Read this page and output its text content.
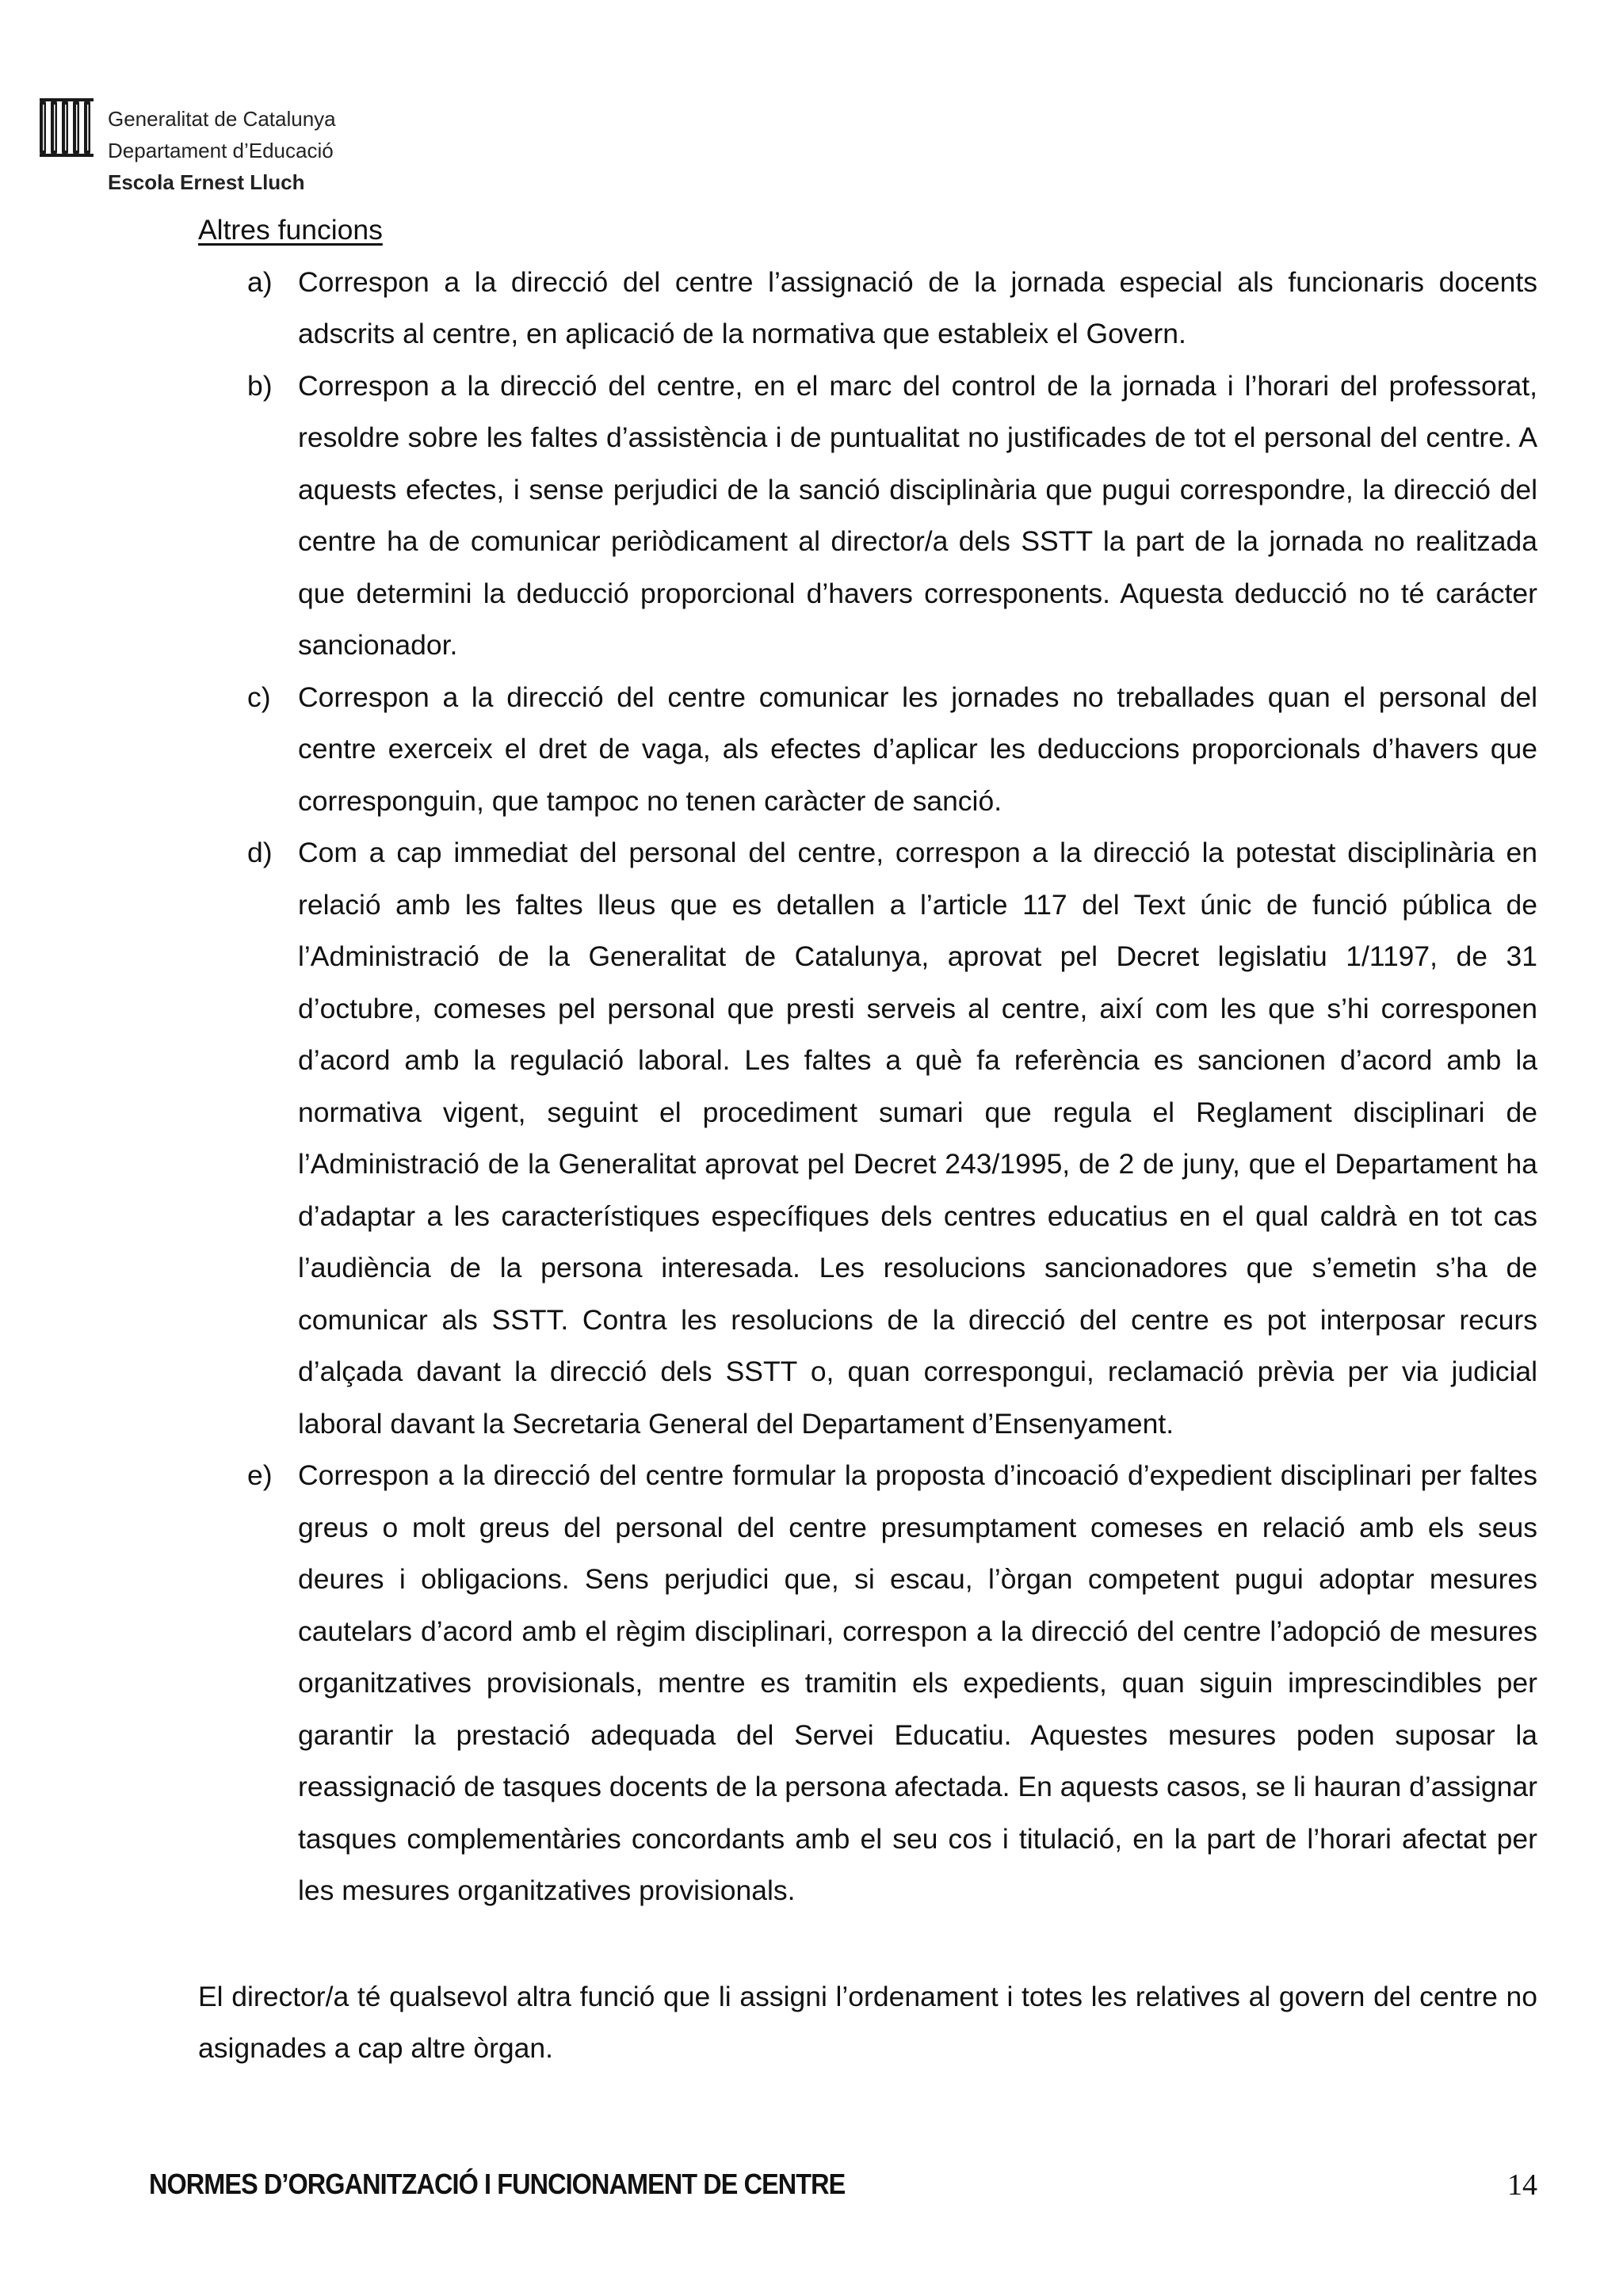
Generalitat de Catalunya
Departament d’Educació
Escola Ernest Lluch

Altres funcions

a) Correspon a la direcció del centre l’assignació de la jornada especial als funcionaris docents adscrits al centre, en aplicació de la normativa que estableix el Govern.
b) Correspon a la direcció del centre, en el marc del control de la jornada i l’horari del professorat, resoldre sobre les faltes d’assistència i de puntualitat no justificades de tot el personal del centre. A aquests efectes, i sense perjudici de la sanció disciplinària que pugui correspondre, la direcció del centre ha de comunicar periòdicament al director/a dels SSTT la part de la jornada no realitzada que determini la deducció proporcional d’havers corresponents. Aquesta deducció no té carácter sancionador.
c) Correspon a la direcció del centre comunicar les jornades no treballades quan el personal del centre exerceix el dret de vaga, als efectes d’aplicar les deduccions proporcionals d’havers que corresponguin, que tampoc no tenen caràcter de sanció.
d) Com a cap immediat del personal del centre, correspon a la direcció la potestat disciplinària en relació amb les faltes lleus que es detallen a l’article 117 del Text únic de funció pública de l’Administració de la Generalitat de Catalunya, aprovat pel Decret legislatiu 1/1197, de 31 d’octubre, comeses pel personal que presti serveis al centre, així com les que s’hi corresponen d’acord amb la regulació laboral. Les faltes a què fa referència es sancionen d’acord amb la normativa vigent, seguint el procediment sumari que regula el Reglament disciplinari de l’Administració de la Generalitat aprovat pel Decret 243/1995, de 2 de juny, que el Departament ha d’adaptar a les característiques específiques dels centres educatius en el qual caldrà en tot cas l’audiència de la persona interesada. Les resolucions sancionadores que s’emetin s’ha de comunicar als SSTT. Contra les resolucions de la direcció del centre es pot interposar recurs d’alçada davant la direcció dels SSTT o, quan correspongui, reclamació prèvia per via judicial laboral davant la Secretaria General del Departament d’Ensenyament.
e) Correspon a la direcció del centre formular la proposta d’incoació d’expedient disciplinari per faltes greus o molt greus del personal del centre presumptament comeses en relació amb els seus deures i obligacions. Sens perjudici que, si escau, l’òrgan competent pugui adoptar mesures cautelars d’acord amb el règim disciplinari, correspon a la direcció del centre l’adopció de mesures organitzatives provisionals, mentre es tramitin els expedients, quan siguin imprescindibles per garantir la prestació adequada del Servei Educatiu. Aquestes mesures poden suposar la reassignació de tasques docents de la persona afectada. En aquests casos, se li hauran d’assignar tasques complementàries concordants amb el seu cos i titulació, en la part de l’horari afectat per les mesures organitzatives provisionals.

El director/a té qualsevol altra funció que li assigni l’ordenament i totes les relatives al govern del centre no asignades a cap altre òrgan.

NORMES D’ORGANITZACIÓ I FUNCIONAMENT DE CENTRE	14
